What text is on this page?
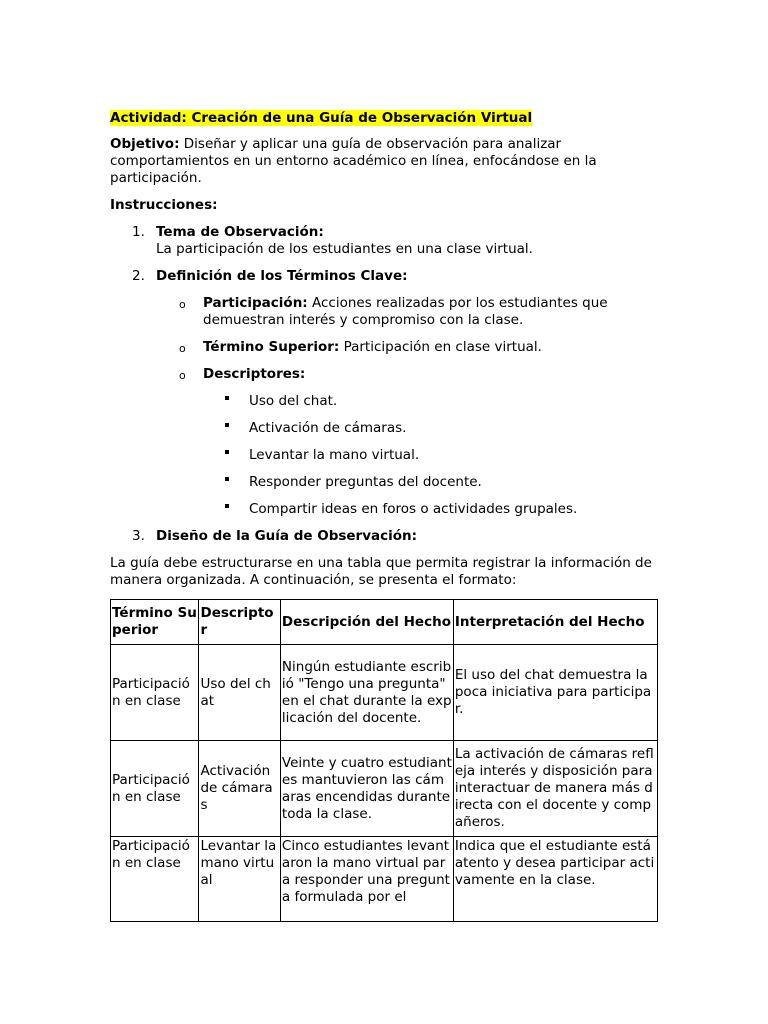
Actividad: Creación de una Guía de Observación Virtual

Objetivo: Diseñar y aplicar una guía de observación para analizar comportamientos en un entorno académico en línea, enfocándose en la participación.

Instrucciones:

1. Tema de Observación:
La participación de los estudiantes en una clase virtual.
2. Definición de los Términos Clave:
o Participación: Acciones realizadas por los estudiantes que demuestran interés y compromiso con la clase.
o Término Superior: Participación en clase virtual.
o Descriptores:
Uso del chat.
Activación de cámaras.
Levantar la mano virtual.
Responder preguntas del docente.
Compartir ideas en foros o actividades grupales.
3. Diseño de la Guía de Observación:

La guía debe estructurarse en una tabla que permita registrar la información de manera organizada. A continuación, se presenta el formato:

Término Superior	Descriptor	Descripción del Hecho	Interpretación del Hecho
Participación en clase	Uso del chat	Ningún estudiante escribió "Tengo una pregunta" en el chat durante la explicación del docente.	El uso del chat demuestra la poca iniciativa para participar.
Participación en clase	Activación de cámaras	Veinte y cuatro estudiantes mantuvieron las cámaras encendidas durante toda la clase.	La activación de cámaras refleja interés y disposición para interactuar de manera más directa con el docente y compañeros.
Participación en clase	Levantar la mano virtual	Cinco estudiantes levantaron la mano virtual para responder una pregunta formulada por el	Indica que el estudiante está atento y desea participar activamente en la clase.
